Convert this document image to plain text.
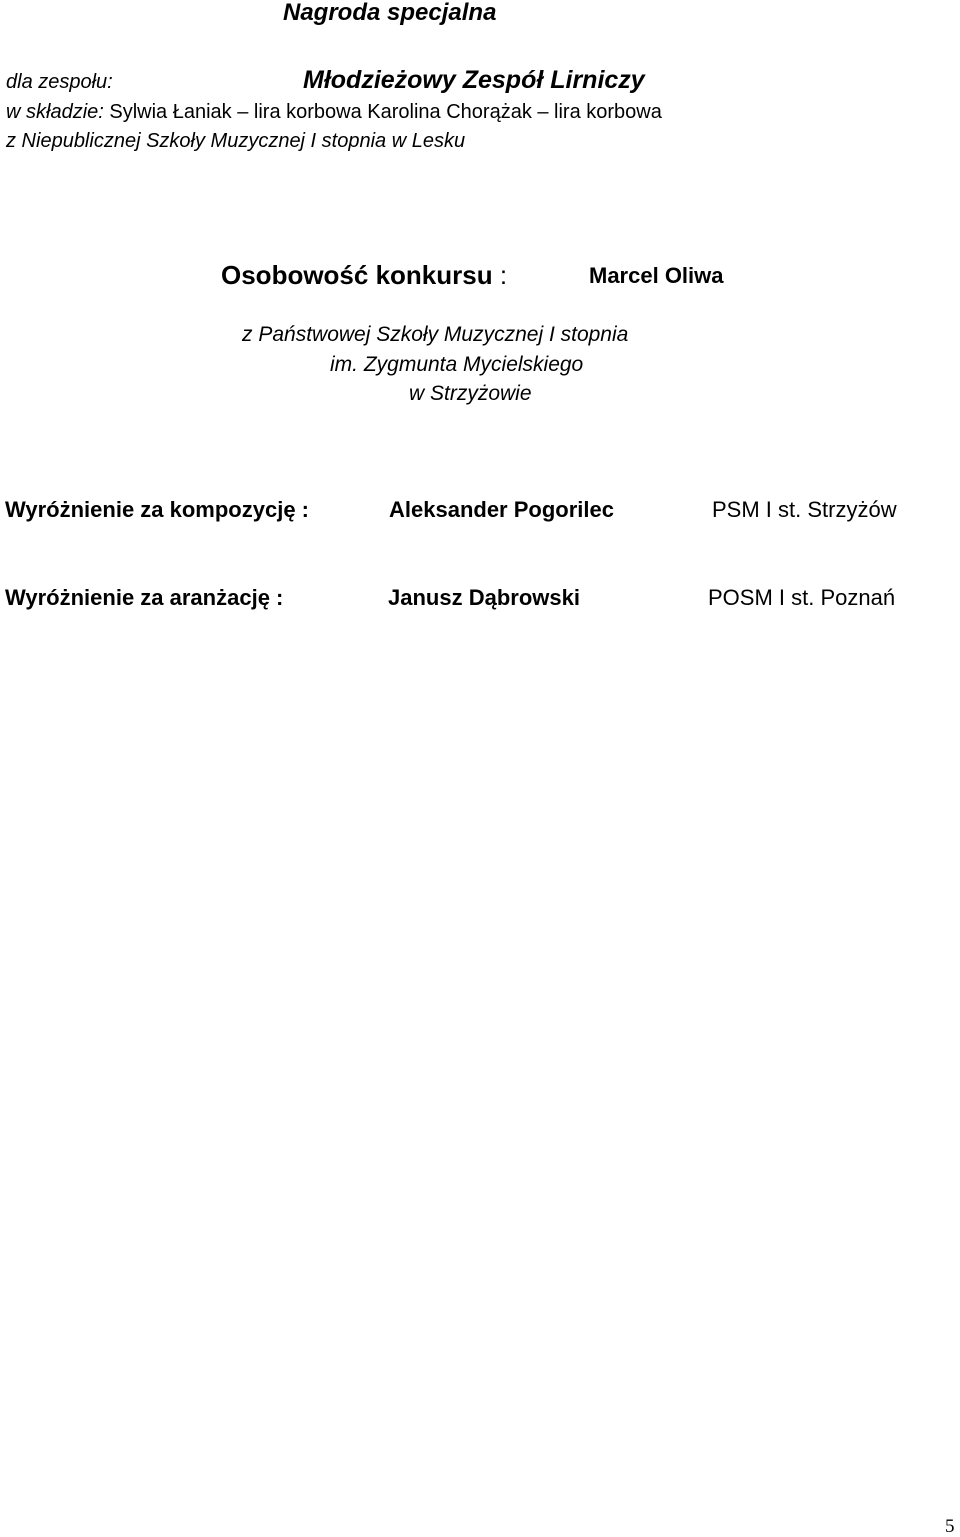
Nagroda specjalna
dla zespołu:	Młodzieżowy Zespół Lirniczy
w składzie: Sylwia Łaniak – lira korbowa Karolina Chorążak – lira korbowa
z Niepublicznej Szkoły Muzycznej I stopnia w Lesku
Osobowość konkursu :	Marcel Oliwa
z Państwowej Szkoły Muzycznej I stopnia
im. Zygmunta Mycielskiego
w Strzyżowie
Wyróżnienie za kompozycję :	Aleksander Pogorilec	PSM I st. Strzyżów
Wyróżnienie za aranżację :	Janusz Dąbrowski	POSM I st. Poznań
5
